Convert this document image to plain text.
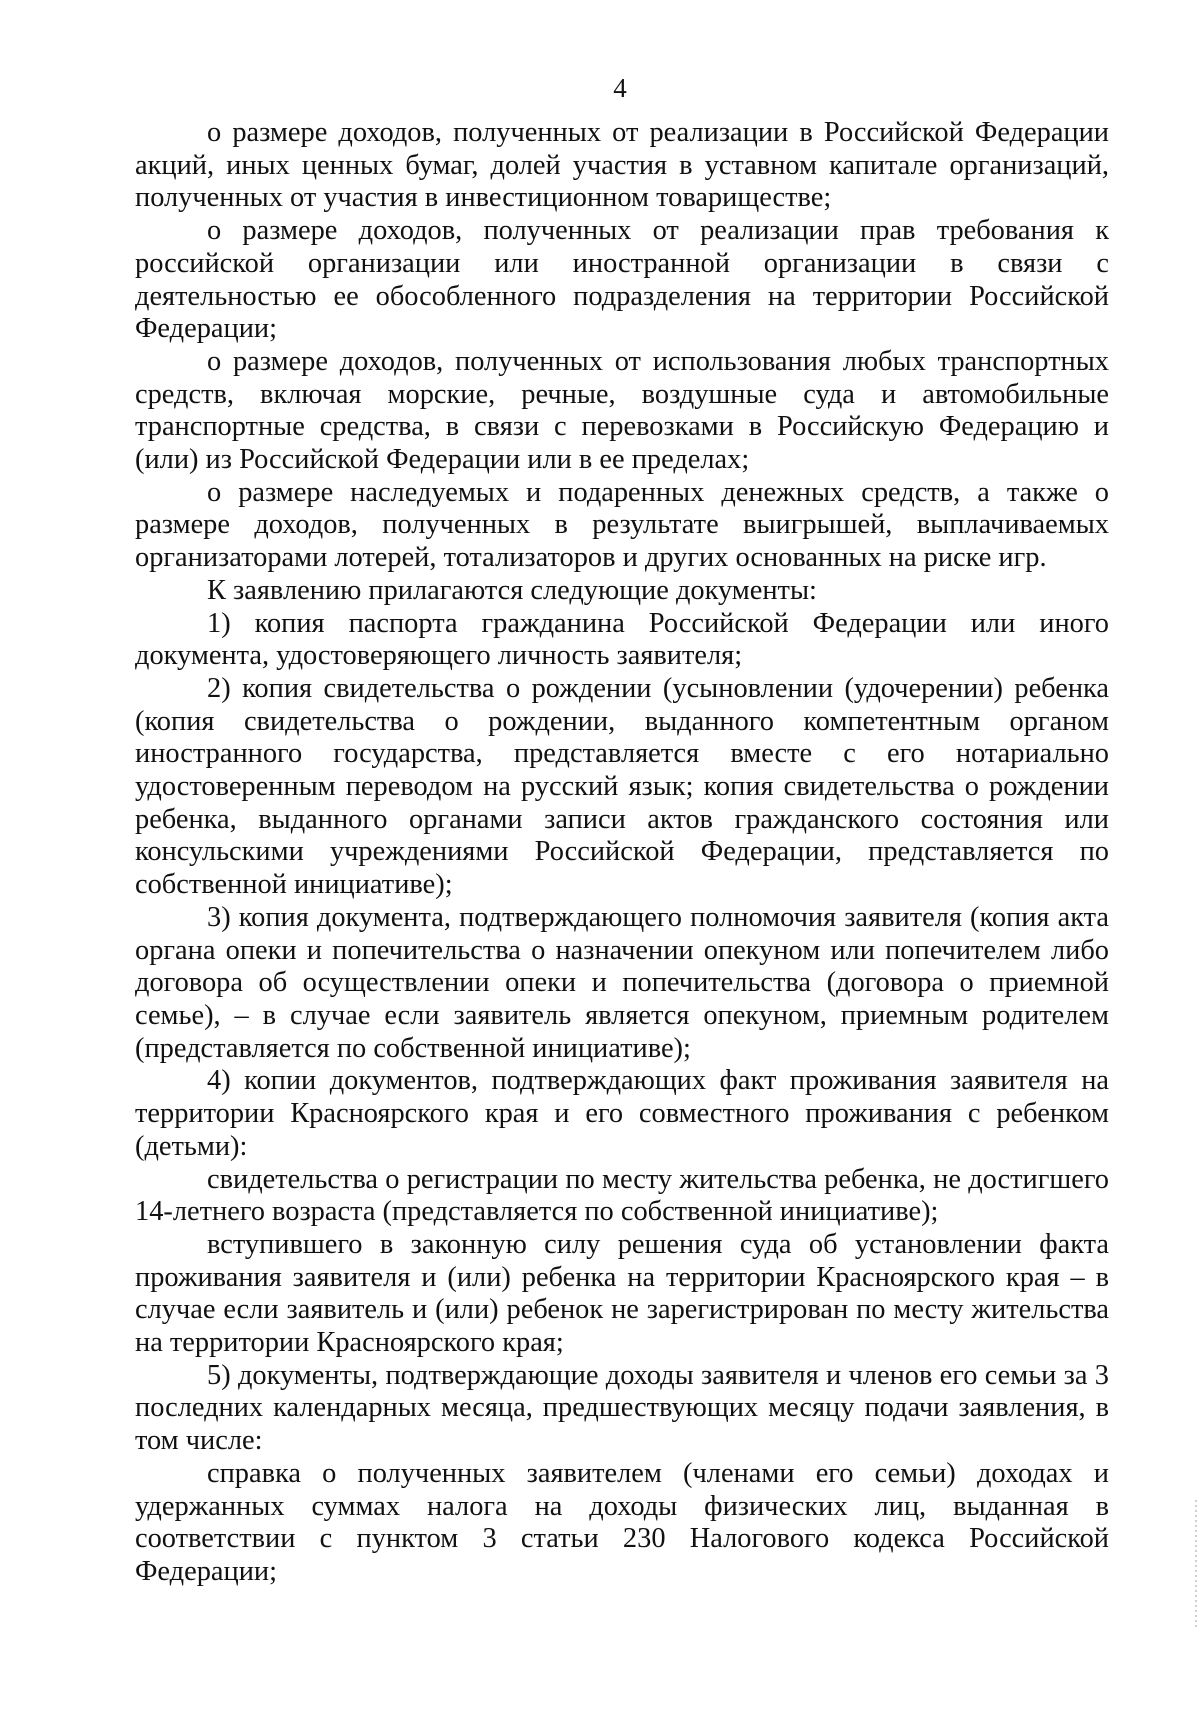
4

о размере доходов, полученных от реализации в Российской Федерации акций, иных ценных бумаг, долей участия в уставном капитале организаций, полученных от участия в инвестиционном товариществе;

о размере доходов, полученных от реализации прав требования к российской организации или иностранной организации в связи с деятельностью ее обособленного подразделения на территории Российской Федерации;

о размере доходов, полученных от использования любых транспортных средств, включая морские, речные, воздушные суда и автомобильные транспортные средства, в связи с перевозками в Российскую Федерацию и (или) из Российской Федерации или в ее пределах;

о размере наследуемых и подаренных денежных средств, а также о размере доходов, полученных в результате выигрышей, выплачиваемых организаторами лотерей, тотализаторов и других основанных на риске игр.

К заявлению прилагаются следующие документы:

1) копия паспорта гражданина Российской Федерации или иного документа, удостоверяющего личность заявителя;

2) копия свидетельства о рождении (усыновлении (удочерении) ребенка (копия свидетельства о рождении, выданного компетентным органом иностранного государства, представляется вместе с его нотариально удостоверенным переводом на русский язык; копия свидетельства о рождении ребенка, выданного органами записи актов гражданского состояния или консульскими учреждениями Российской Федерации, представляется по собственной инициативе);

3) копия документа, подтверждающего полномочия заявителя (копия акта органа опеки и попечительства о назначении опекуном или попечителем либо договора об осуществлении опеки и попечительства (договора о приемной семье), – в случае если заявитель является опекуном, приемным родителем (представляется по собственной инициативе);

4) копии документов, подтверждающих факт проживания заявителя на территории Красноярского края и его совместного проживания с ребенком (детьми):

свидетельства о регистрации по месту жительства ребенка, не достигшего 14-летнего возраста (представляется по собственной инициативе);

вступившего в законную силу решения суда об установлении факта проживания заявителя и (или) ребенка на территории Красноярского края – в случае если заявитель и (или) ребенок не зарегистрирован по месту жительства на территории Красноярского края;

5) документы, подтверждающие доходы заявителя и членов его семьи за 3 последних календарных месяца, предшествующих месяцу подачи заявления, в том числе:

справка о полученных заявителем (членами его семьи) доходах и удержанных суммах налога на доходы физических лиц, выданная в соответствии с пунктом 3 статьи 230 Налогового кодекса Российской Федерации;
